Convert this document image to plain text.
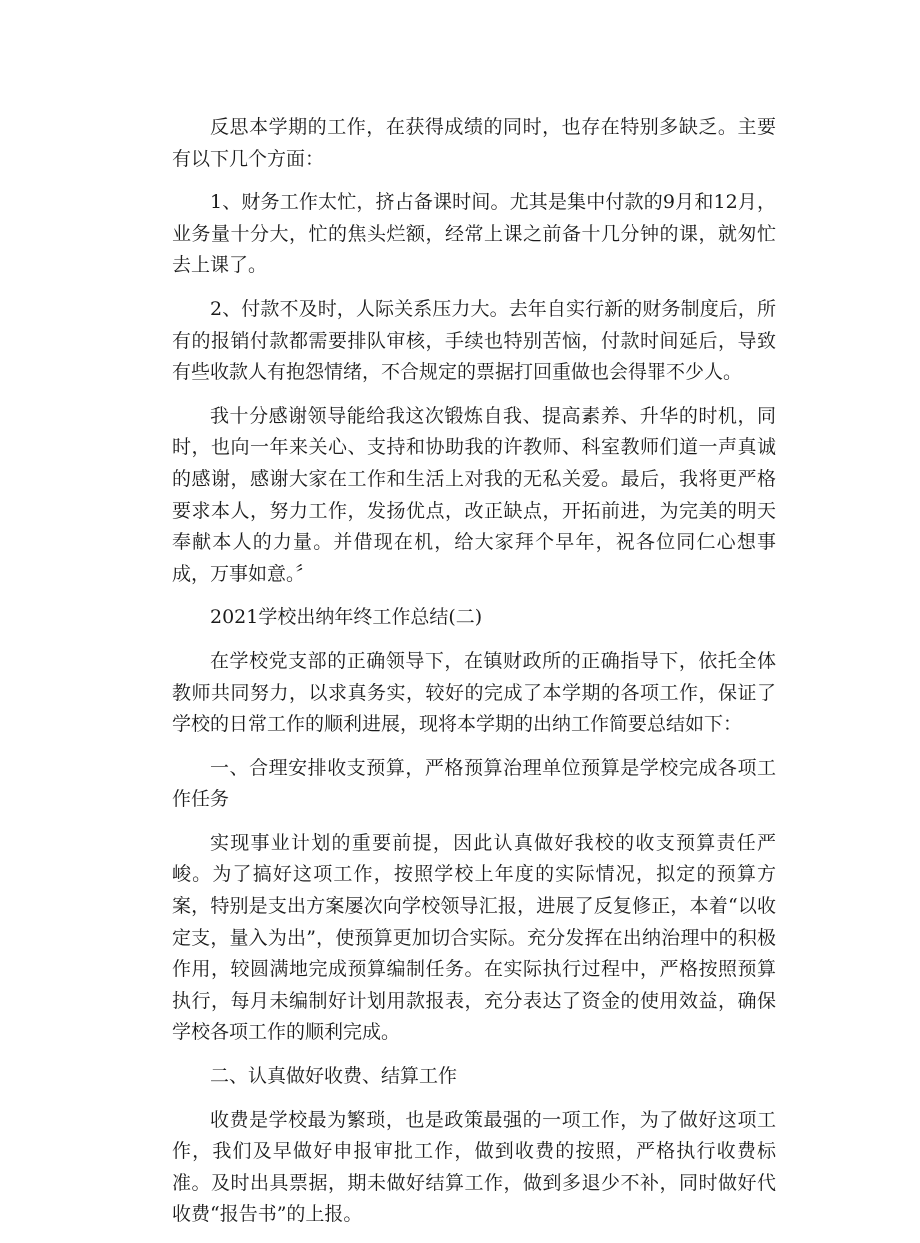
反思本学期的工作，在获得成绩的同时，也存在特别多缺乏。主要有以下几个方面：

1、财务工作太忙，挤占备课时间。尤其是集中付款的9月和12月，业务量十分大，忙的焦头烂额，经常上课之前备十几分钟的课，就匆忙去上课了。

2、付款不及时，人际关系压力大。去年自实行新的财务制度后，所有的报销付款都需要排队审核，手续也特别苦恼，付款时间延后，导致有些收款人有抱怨情绪，不合规定的票据打回重做也会得罪不少人。

我十分感谢领导能给我这次锻炼自我、提高素养、升华的时机，同时，也向一年来关心、支持和协助我的许教师、科室教师们道一声真诚的感谢，感谢大家在工作和生活上对我的无私关爱。最后，我将更严格要求本人，努力工作，发扬优点，改正缺点，开拓前进，为完美的明天奉献本人的力量。并借现在机，给大家拜个早年，祝各位同仁心想事成，万事如意。〞

2021学校出纳年终工作总结(二)

在学校党支部的正确领导下，在镇财政所的正确指导下，依托全体教师共同努力，以求真务实，较好的完成了本学期的各项工作，保证了学校的日常工作的顺利进展，现将本学期的出纳工作简要总结如下：

一、合理安排收支预算，严格预算治理单位预算是学校完成各项工作任务

实现事业计划的重要前提，因此认真做好我校的收支预算责任严峻。为了搞好这项工作，按照学校上年度的实际情况，拟定的预算方案，特别是支出方案屡次向学校领导汇报，进展了反复修正，本着“以收定支，量入为出”，使预算更加切合实际。充分发挥在出纳治理中的积极作用，较圆满地完成预算编制任务。在实际执行过程中，严格按照预算执行，每月未编制好计划用款报表，充分表达了资金的使用效益，确保学校各项工作的顺利完成。

二、认真做好收费、结算工作

收费是学校最为繁琐，也是政策最强的一项工作，为了做好这项工作，我们及早做好申报审批工作，做到收费的按照，严格执行收费标准。及时出具票据，期未做好结算工作，做到多退少不补，同时做好代收费“报告书”的上报。
